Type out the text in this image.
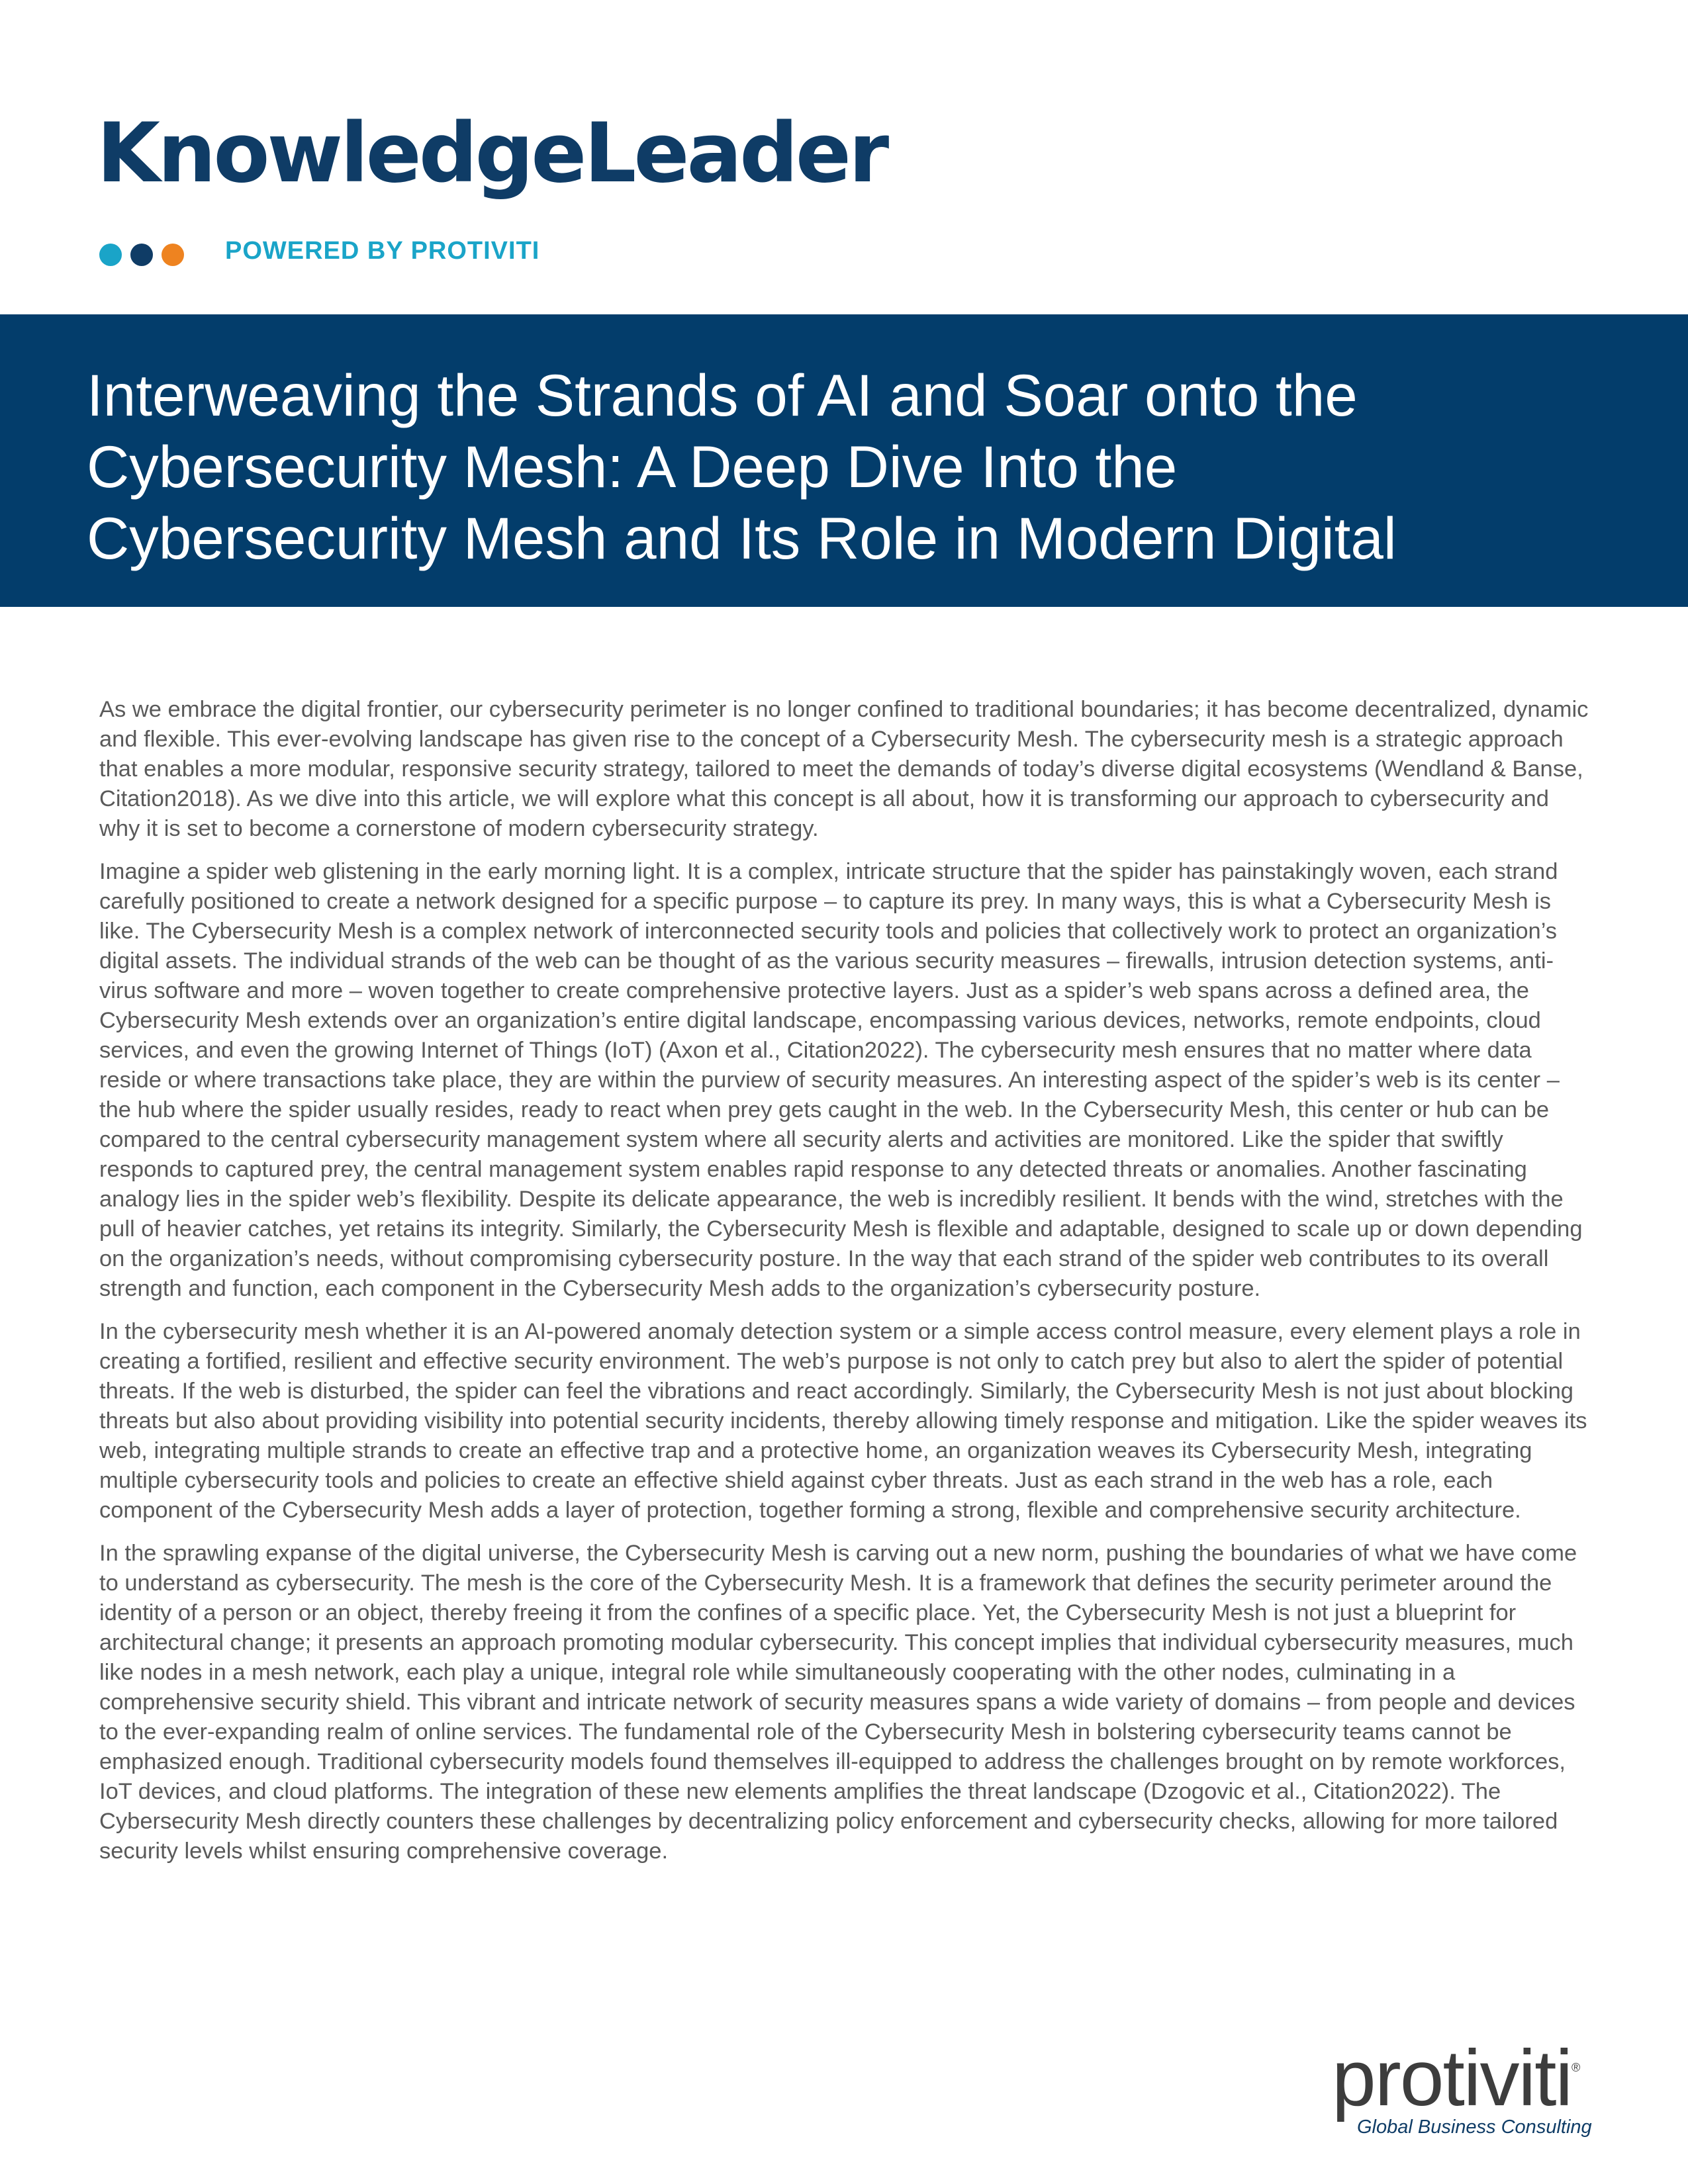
KnowledgeLeader
POWERED BY PROTIVITI
Interweaving the Strands of AI and Soar onto the
Cybersecurity Mesh: A Deep Dive Into the
Cybersecurity Mesh and Its Role in Modern Digital

As we embrace the digital frontier, our cybersecurity perimeter is no longer confined to traditional boundaries; it has become decentralized, dynamic and flexible. This ever-evolving landscape has given rise to the concept of a Cybersecurity Mesh. The cybersecurity mesh is a strategic approach that enables a more modular, responsive security strategy, tailored to meet the demands of today’s diverse digital ecosystems (Wendland & Banse, Citation2018). As we dive into this article, we will explore what this concept is all about, how it is transforming our approach to cybersecurity and why it is set to become a cornerstone of modern cybersecurity strategy.

Imagine a spider web glistening in the early morning light. It is a complex, intricate structure that the spider has painstakingly woven, each strand carefully positioned to create a network designed for a specific purpose – to capture its prey. In many ways, this is what a Cybersecurity Mesh is like. The Cybersecurity Mesh is a complex network of interconnected security tools and policies that collectively work to protect an organization’s digital assets. The individual strands of the web can be thought of as the various security measures – firewalls, intrusion detection systems, anti-virus software and more – woven together to create comprehensive protective layers. Just as a spider’s web spans across a defined area, the Cybersecurity Mesh extends over an organization’s entire digital landscape, encompassing various devices, networks, remote endpoints, cloud services, and even the growing Internet of Things (IoT) (Axon et al., Citation2022). The cybersecurity mesh ensures that no matter where data reside or where transactions take place, they are within the purview of security measures. An interesting aspect of the spider’s web is its center – the hub where the spider usually resides, ready to react when prey gets caught in the web. In the Cybersecurity Mesh, this center or hub can be compared to the central cybersecurity management system where all security alerts and activities are monitored. Like the spider that swiftly responds to captured prey, the central management system enables rapid response to any detected threats or anomalies. Another fascinating analogy lies in the spider web’s flexibility. Despite its delicate appearance, the web is incredibly resilient. It bends with the wind, stretches with the pull of heavier catches, yet retains its integrity. Similarly, the Cybersecurity Mesh is flexible and adaptable, designed to scale up or down depending on the organization’s needs, without compromising cybersecurity posture. In the way that each strand of the spider web contributes to its overall strength and function, each component in the Cybersecurity Mesh adds to the organization’s cybersecurity posture.

In the cybersecurity mesh whether it is an AI-powered anomaly detection system or a simple access control measure, every element plays a role in creating a fortified, resilient and effective security environment. The web’s purpose is not only to catch prey but also to alert the spider of potential threats. If the web is disturbed, the spider can feel the vibrations and react accordingly. Similarly, the Cybersecurity Mesh is not just about blocking threats but also about providing visibility into potential security incidents, thereby allowing timely response and mitigation. Like the spider weaves its web, integrating multiple strands to create an effective trap and a protective home, an organization weaves its Cybersecurity Mesh, integrating multiple cybersecurity tools and policies to create an effective shield against cyber threats. Just as each strand in the web has a role, each component of the Cybersecurity Mesh adds a layer of protection, together forming a strong, flexible and comprehensive security architecture.

In the sprawling expanse of the digital universe, the Cybersecurity Mesh is carving out a new norm, pushing the boundaries of what we have come to understand as cybersecurity. The mesh is the core of the Cybersecurity Mesh. It is a framework that defines the security perimeter around the identity of a person or an object, thereby freeing it from the confines of a specific place. Yet, the Cybersecurity Mesh is not just a blueprint for architectural change; it presents an approach promoting modular cybersecurity. This concept implies that individual cybersecurity measures, much like nodes in a mesh network, each play a unique, integral role while simultaneously cooperating with the other nodes, culminating in a comprehensive security shield. This vibrant and intricate network of security measures spans a wide variety of domains – from people and devices to the ever-expanding realm of online services. The fundamental role of the Cybersecurity Mesh in bolstering cybersecurity teams cannot be emphasized enough. Traditional cybersecurity models found themselves ill-equipped to address the challenges brought on by remote workforces, IoT devices, and cloud platforms. The integration of these new elements amplifies the threat landscape (Dzogovic et al., Citation2022). The Cybersecurity Mesh directly counters these challenges by decentralizing policy enforcement and cybersecurity checks, allowing for more tailored security levels whilst ensuring comprehensive coverage.

protiviti ®
Global Business Consulting
